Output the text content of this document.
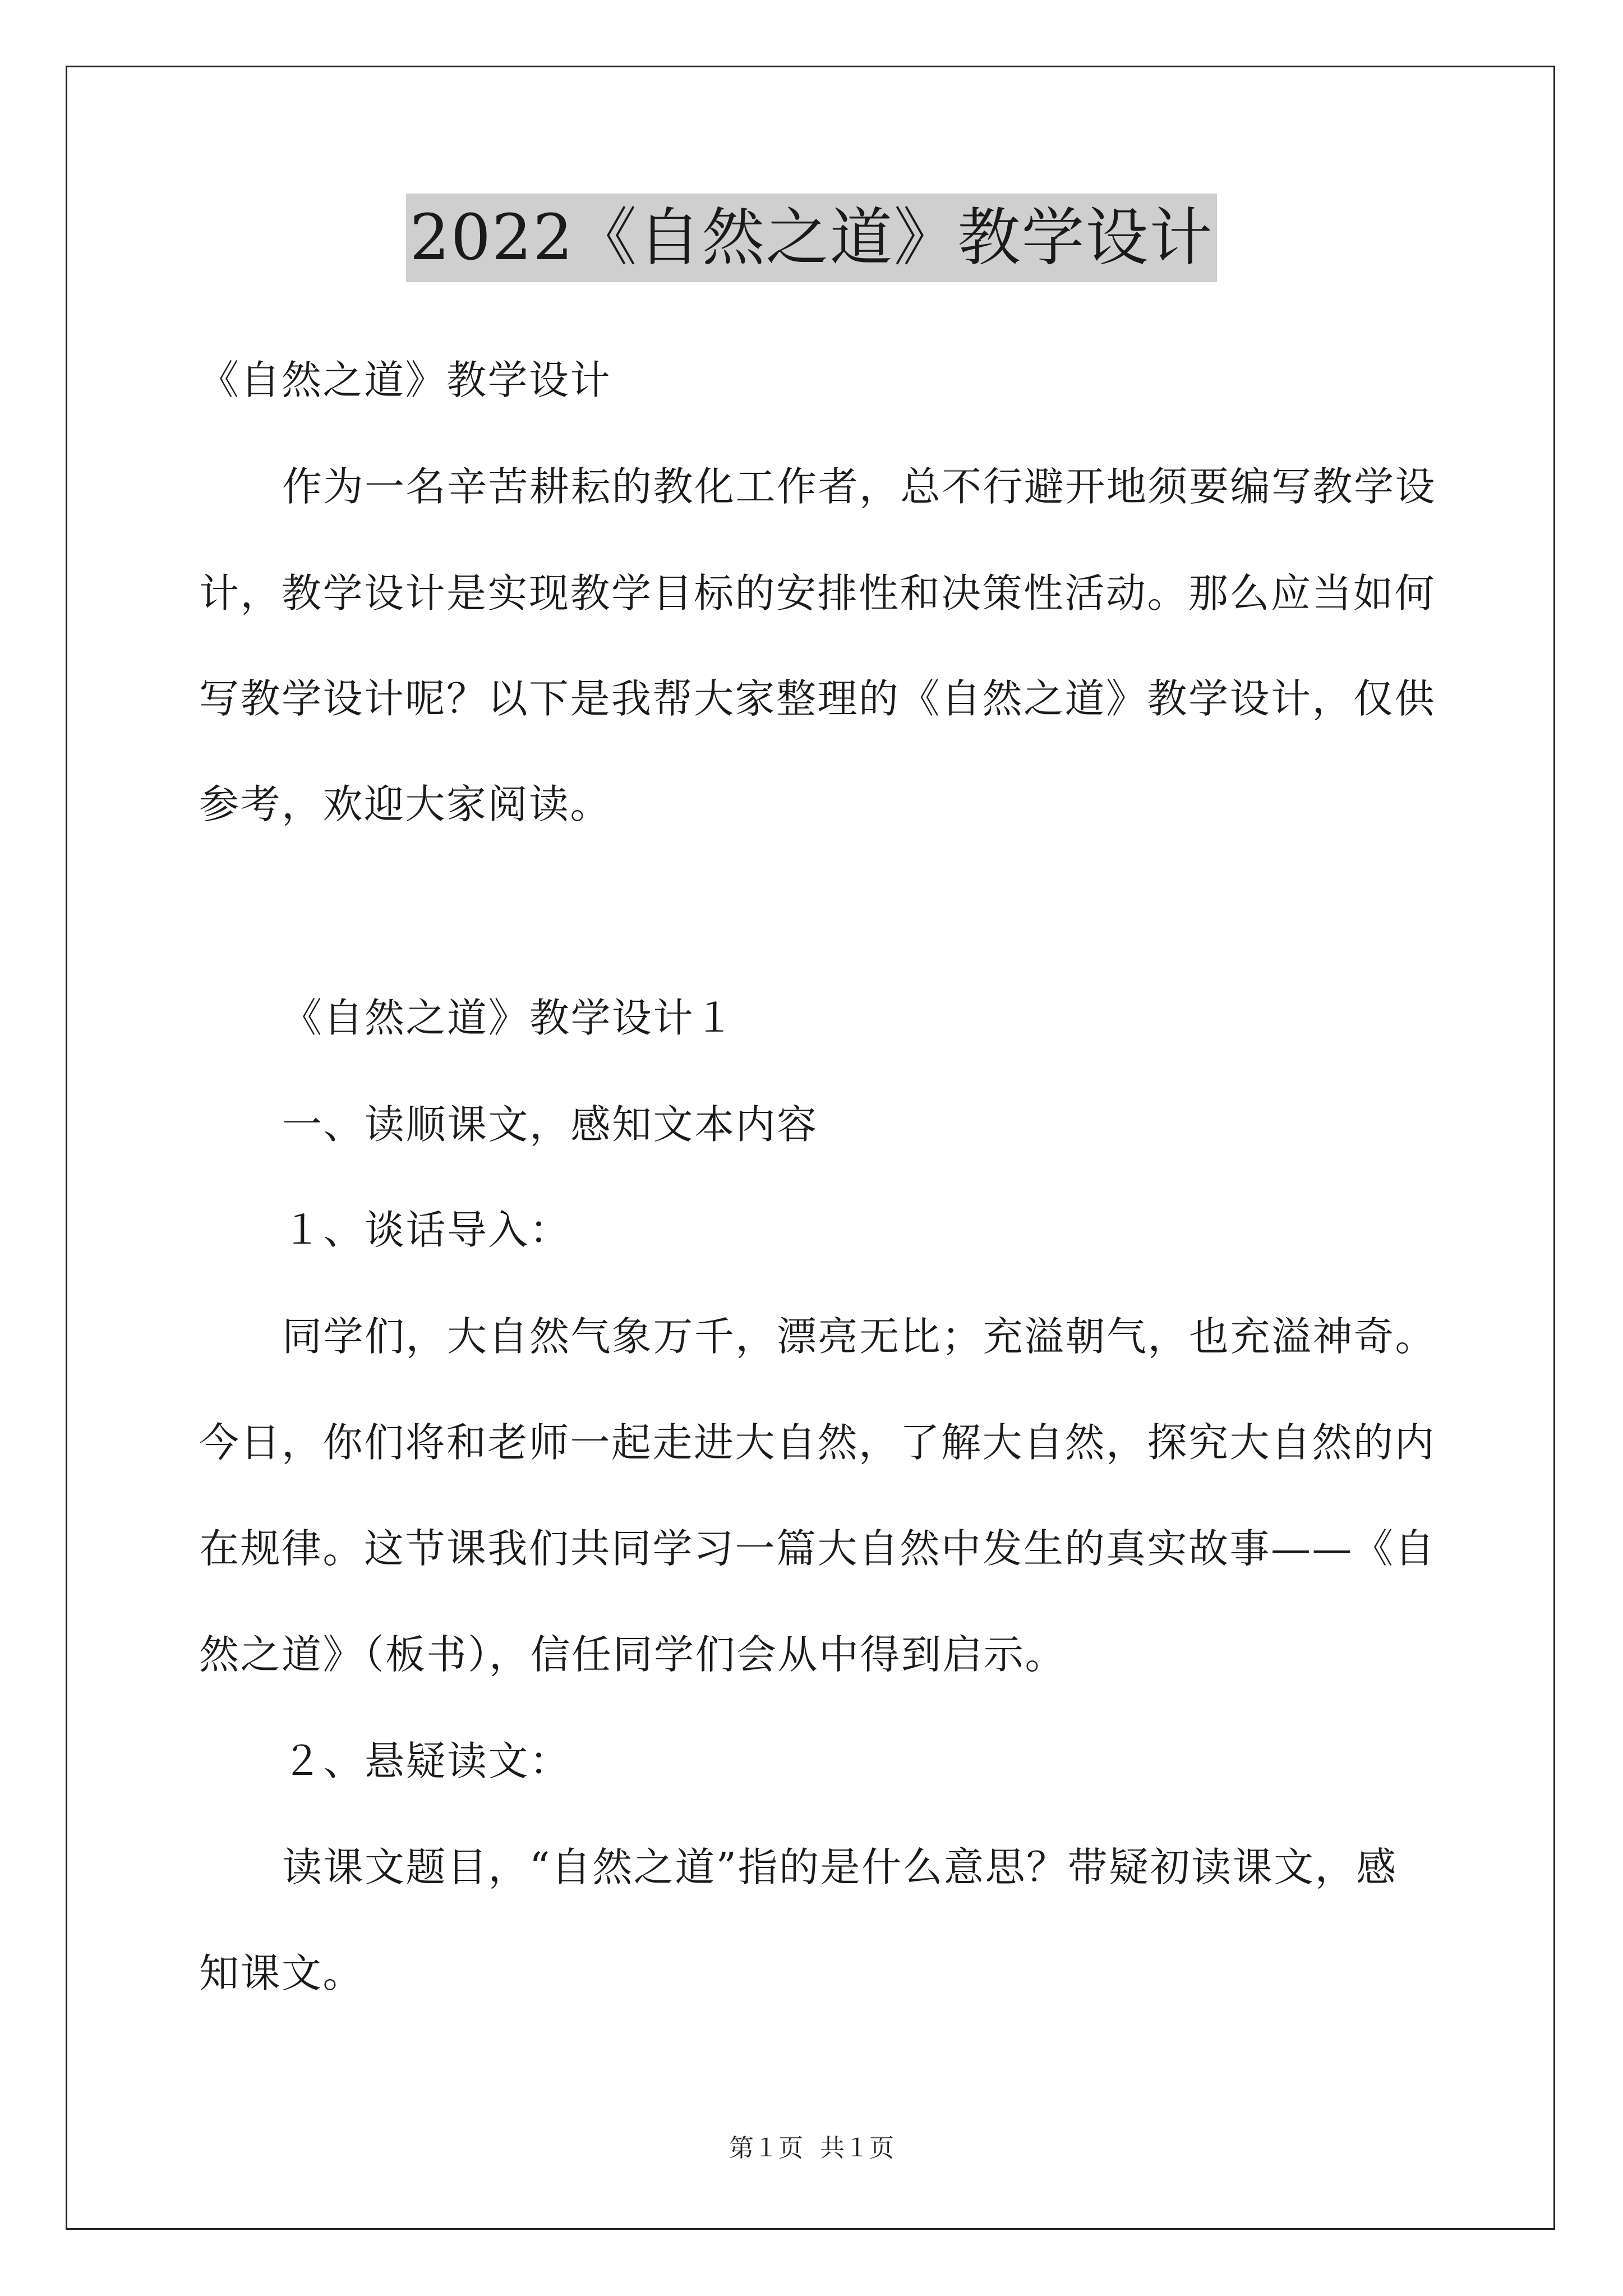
2022《自然之道》教学设计
《自然之道》教学设计
作为一名辛苦耕耘的教化工作者，总不行避开地须要编写教学设
计，教学设计是实现教学目标的安排性和决策性活动。那么应当如何
写教学设计呢？以下是我帮大家整理的《自然之道》教学设计，仅供
参考，欢迎大家阅读。
《自然之道》教学设计１
一、读顺课文，感知文本内容
１、谈话导入：
同学们，大自然气象万千，漂亮无比；充溢朝气，也充溢神奇。
今日，你们将和老师一起走进大自然，了解大自然，探究大自然的内
在规律。这节课我们共同学习一篇大自然中发生的真实故事——《自
然之道》（板书），信任同学们会从中得到启示。
２、悬疑读文：
读课文题目，“自然之道”指的是什么意思？带疑初读课文，感
知课文。
第１页 共１页
